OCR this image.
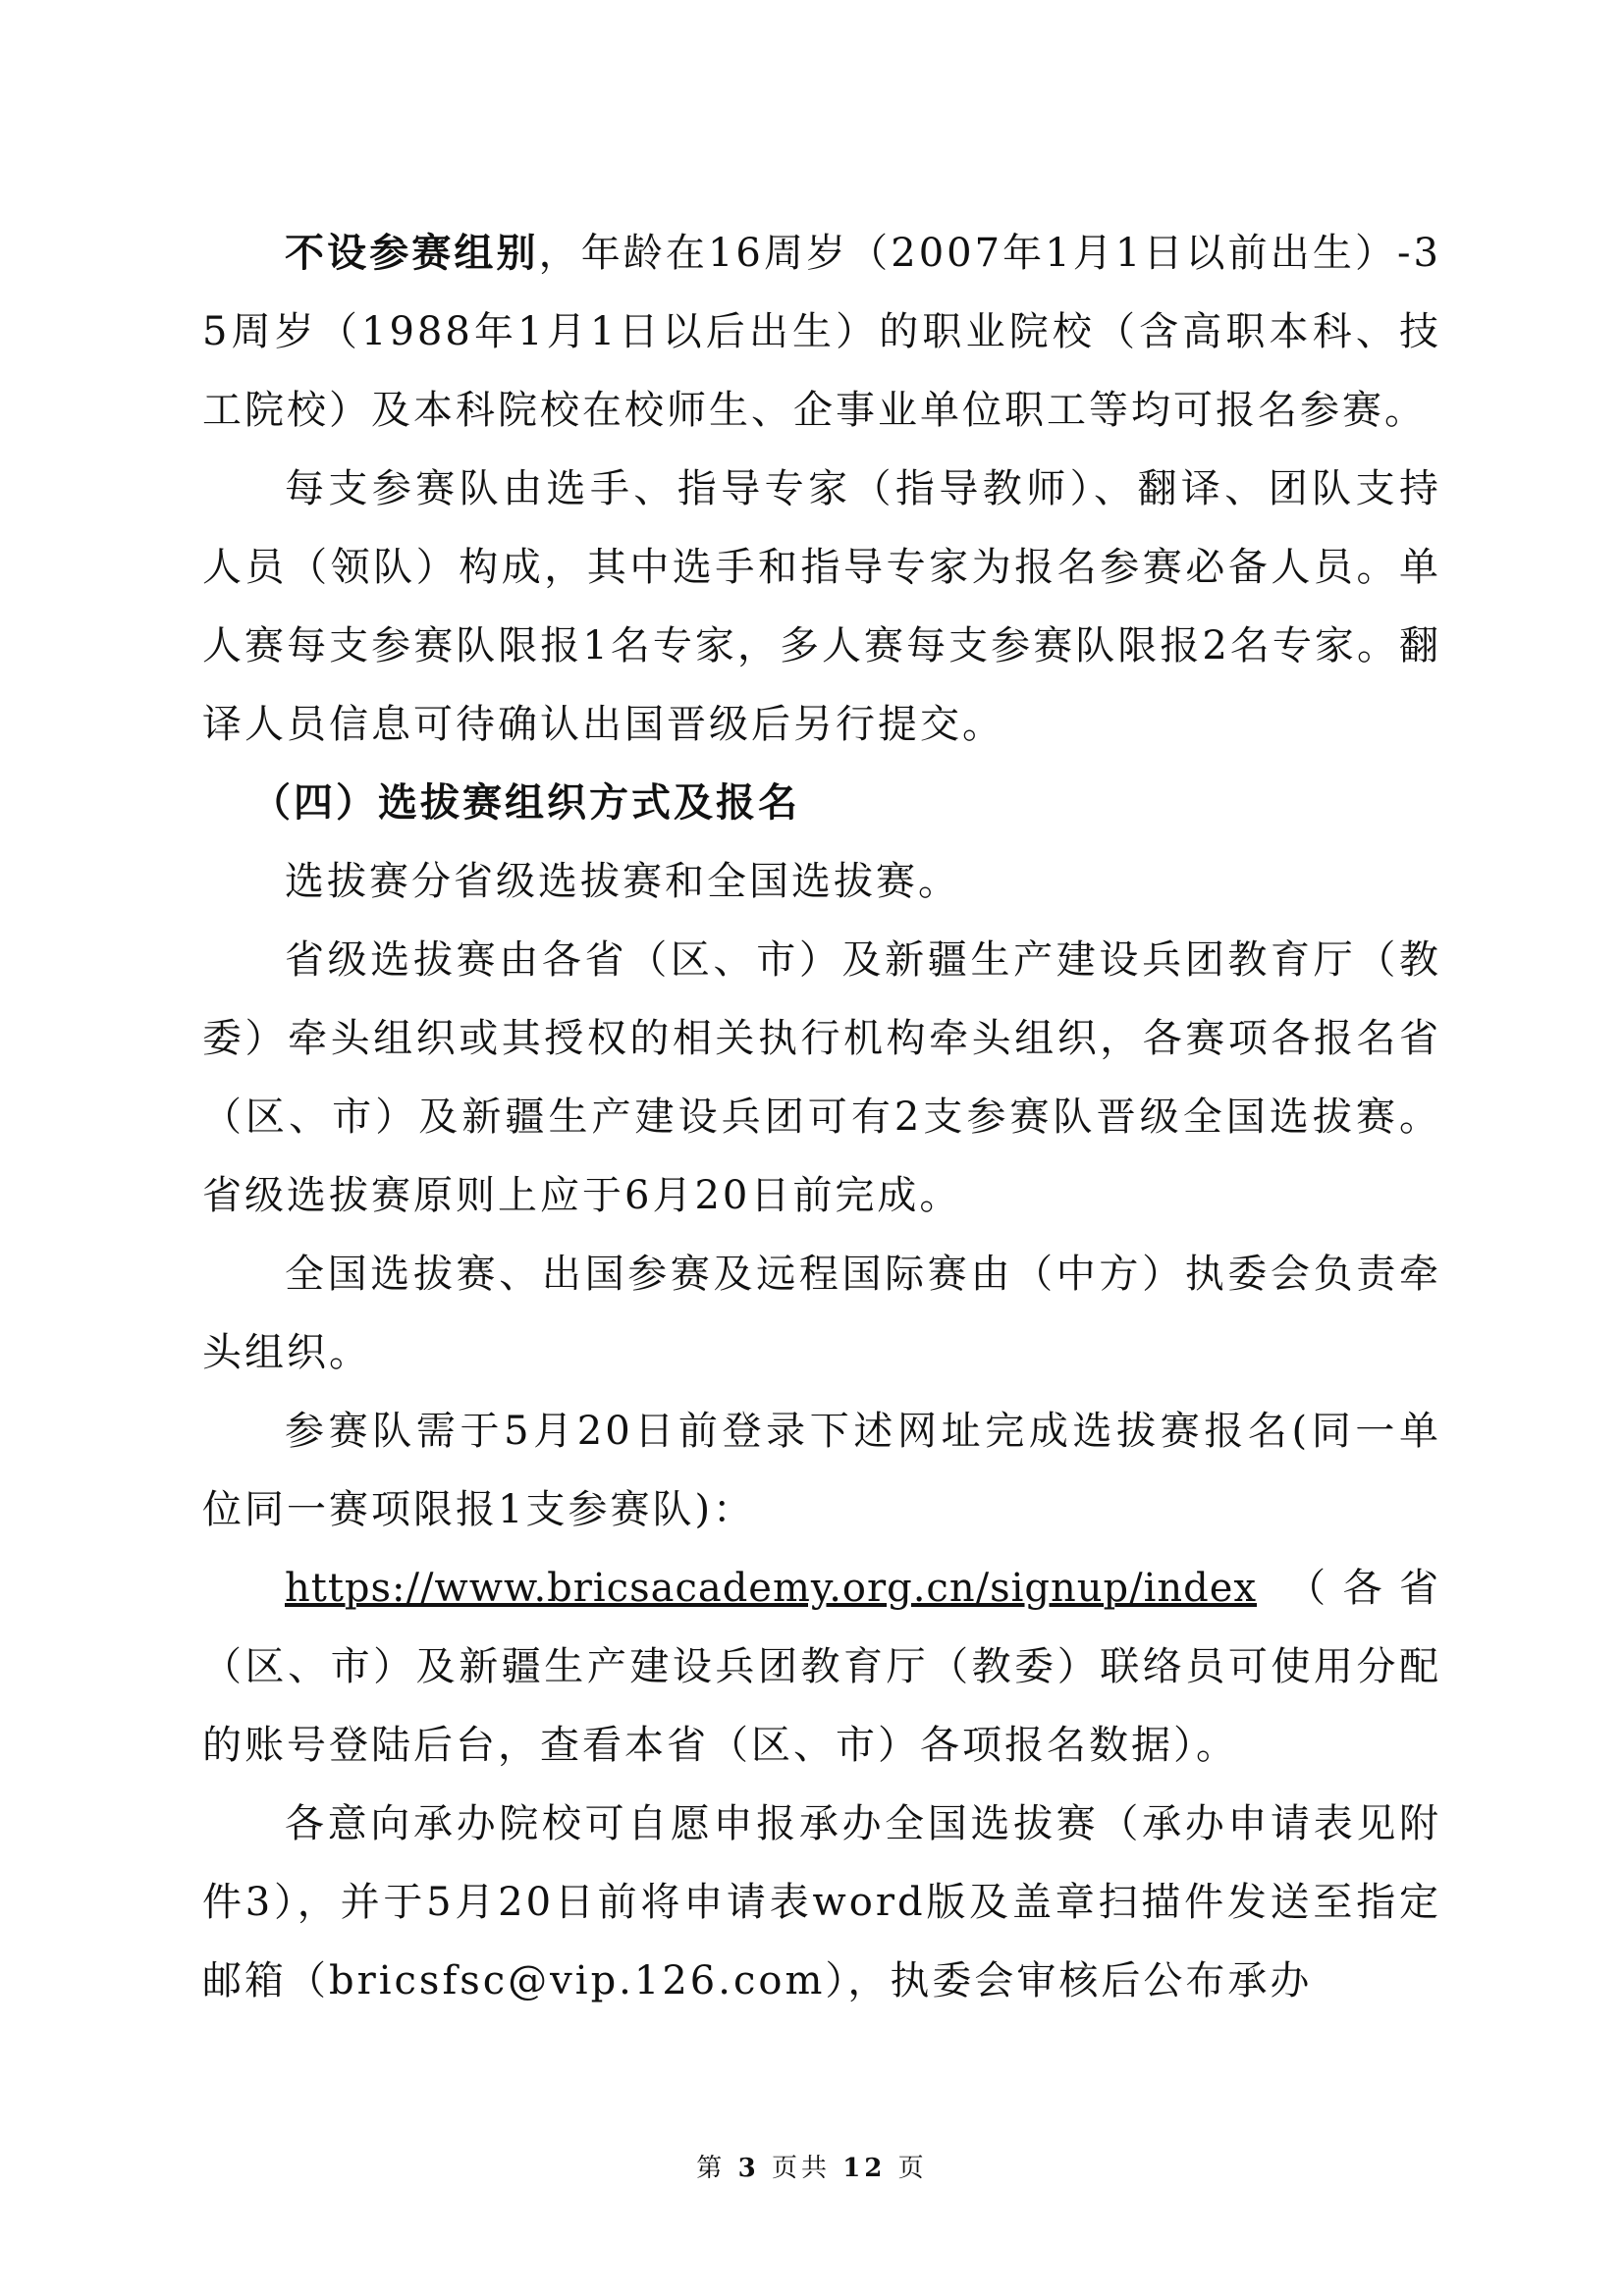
不设参赛组别，年龄在16周岁（2007年1月1日以前出生）-35周岁（1988年1月1日以后出生）的职业院校（含高职本科、技工院校）及本科院校在校师生、企事业单位职工等均可报名参赛。

每支参赛队由选手、指导专家（指导教师）、翻译、团队支持人员（领队）构成，其中选手和指导专家为报名参赛必备人员。单人赛每支参赛队限报1名专家，多人赛每支参赛队限报2名专家。翻译人员信息可待确认出国晋级后另行提交。

（四）选拔赛组织方式及报名

选拔赛分省级选拔赛和全国选拔赛。

省级选拔赛由各省（区、市）及新疆生产建设兵团教育厅（教委）牵头组织或其授权的相关执行机构牵头组织，各赛项各报名省（区、市）及新疆生产建设兵团可有2支参赛队晋级全国选拔赛。省级选拔赛原则上应于6月20日前完成。

全国选拔赛、出国参赛及远程国际赛由（中方）执委会负责牵头组织。

参赛队需于5月20日前登录下述网址完成选拔赛报名(同一单位同一赛项限报1支参赛队)：

https://www.bricsacademy.org.cn/signup/index （各省（区、市）及新疆生产建设兵团教育厅（教委）联络员可使用分配的账号登陆后台，查看本省（区、市）各项报名数据）。

各意向承办院校可自愿申报承办全国选拔赛（承办申请表见附件3），并于5月20日前将申请表word版及盖章扫描件发送至指定邮箱（bricsfsc@vip.126.com），执委会审核后公布承办

第 3 页共 12 页
